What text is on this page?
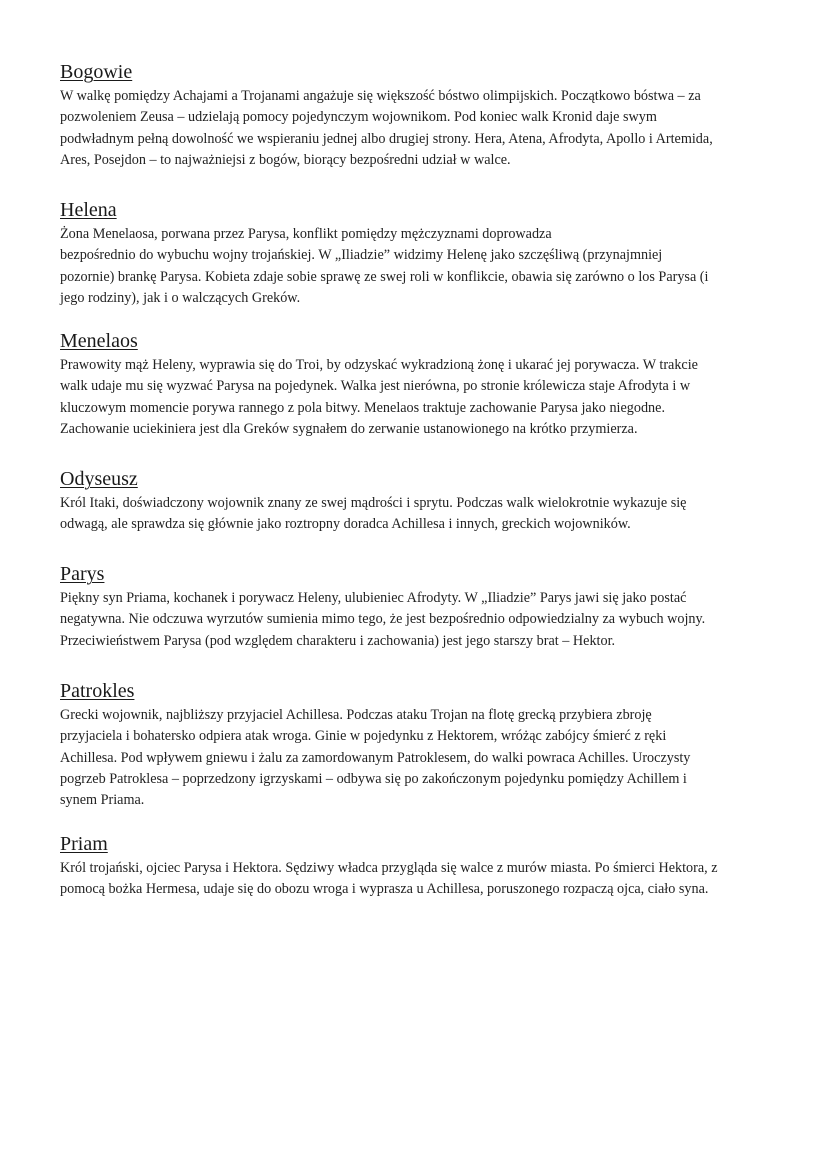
Bogowie

W walkę pomiędzy Achajami a Trojanami angażuje się większość bóstwo olimpijskich. Początkowo bóstwa – za
pozwoleniem Zeusa – udzielają pomocy pojedynczym wojownikom. Pod koniec walk Kronid daje swym
podwładnym pełną dowolność we wspieraniu jednej albo drugiej strony. Hera, Atena, Afrodyta, Apollo i Artemida,
Ares, Posejdon – to najważniejsi z bogów, biorący bezpośredni udział w walce.

Helena

Żona Menelaosa, porwana przez Parysa, konflikt pomiędzy mężczyznami doprowadza
bezpośrednio do wybuchu wojny trojańskiej. W „Iliadzie” widzimy Helenę jako szczęśliwą (przynajmniej
pozornie) brankę Parysa. Kobieta zdaje sobie sprawę ze swej roli w konflikcie, obawia się zarówno o los Parysa (i
jego rodziny), jak i o walczących Greków.

Menelaos

Prawowity mąż Heleny, wyprawia się do Troi, by odzyskać wykradzioną żonę i ukarać jej porywacza. W trakcie
walk udaje mu się wyzwać Parysa na pojedynek. Walka jest nierówna, po stronie królewicza staje Afrodyta i w
kluczowym momencie porywa rannego z pola bitwy. Menelaos traktuje zachowanie Parysa jako niegodne.
Zachowanie uciekiniera jest dla Greków sygnałem do zerwanie ustanowionego na krótko przymierza.

Odyseusz

Król Itaki, doświadczony wojownik znany ze swej mądrości i sprytu. Podczas walk wielokrotnie wykazuje się
odwagą, ale sprawdza się głównie jako roztropny doradca Achillesa i innych, greckich wojowników.

Parys

Piękny syn Priama, kochanek i porywacz Heleny, ulubieniec Afrodyty. W „Iliadzie” Parys jawi się jako postać
negatywna. Nie odczuwa wyrzutów sumienia mimo tego, że jest bezpośrednio odpowiedzialny za wybuch wojny.
Przeciwieństwem Parysa (pod względem charakteru i zachowania) jest jego starszy brat – Hektor.

Patrokles

Grecki wojownik, najbliższy przyjaciel Achillesa. Podczas ataku Trojan na flotę grecką przybiera zbroję
przyjaciela i bohatersko odpiera atak wroga. Ginie w pojedynku z Hektorem, wróżąc zabójcy śmierć z ręki
Achillesa. Pod wpływem gniewu i żalu za zamordowanym Patroklesem, do walki powraca Achilles. Uroczysty
pogrzeb Patroklesa – poprzedzony igrzyskami – odbywa się po zakończonym pojedynku pomiędzy Achillem i
synem Priama.

Priam

Król trojański, ojciec Parysa i Hektora. Sędziwy władca przygląda się walce z murów miasta. Po śmierci Hektora, z
pomocą bożka Hermesa, udaje się do obozu wroga i wyprasza u Achillesa, poruszonego rozpaczą ojca, ciało syna.
